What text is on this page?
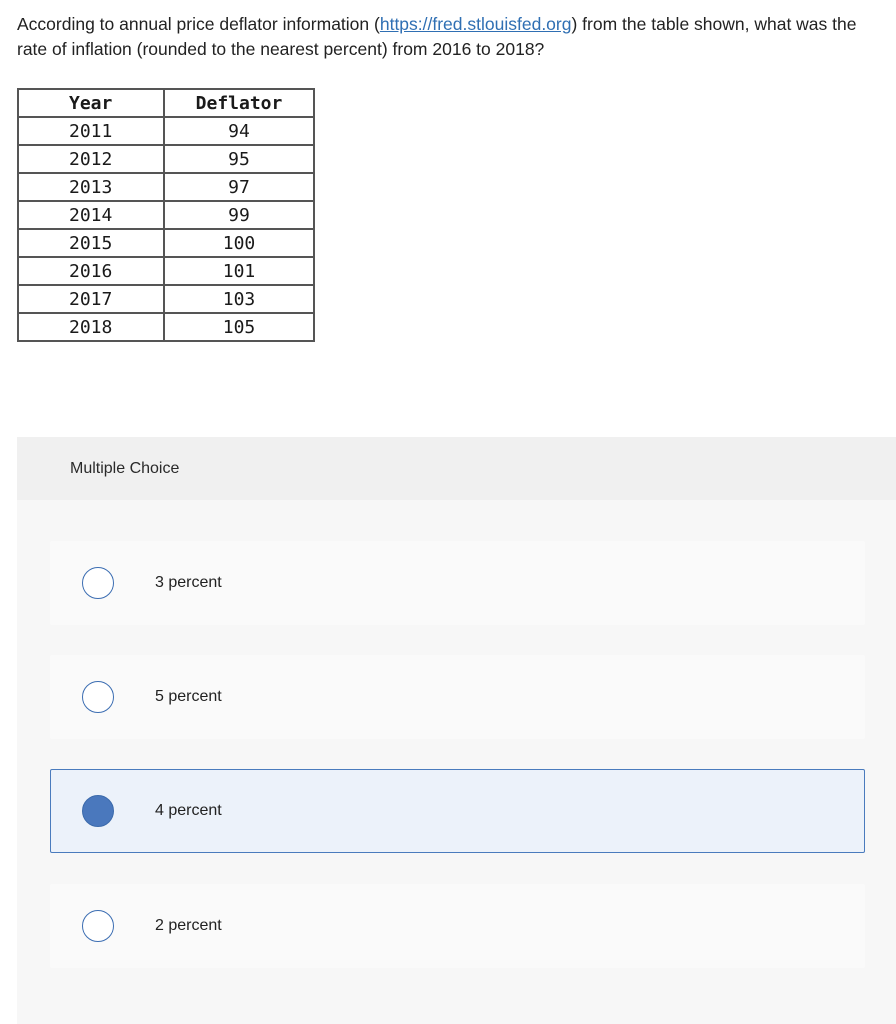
According to annual price deflator information (https://fred.stlouisfed.org) from the table shown, what was the rate of inflation (rounded to the nearest percent) from 2016 to 2018?
Year	Deflator
2011	94
2012	95
2013	97
2014	99
2015	100
2016	101
2017	103
2018	105
Multiple Choice
3 percent
5 percent
4 percent
2 percent
